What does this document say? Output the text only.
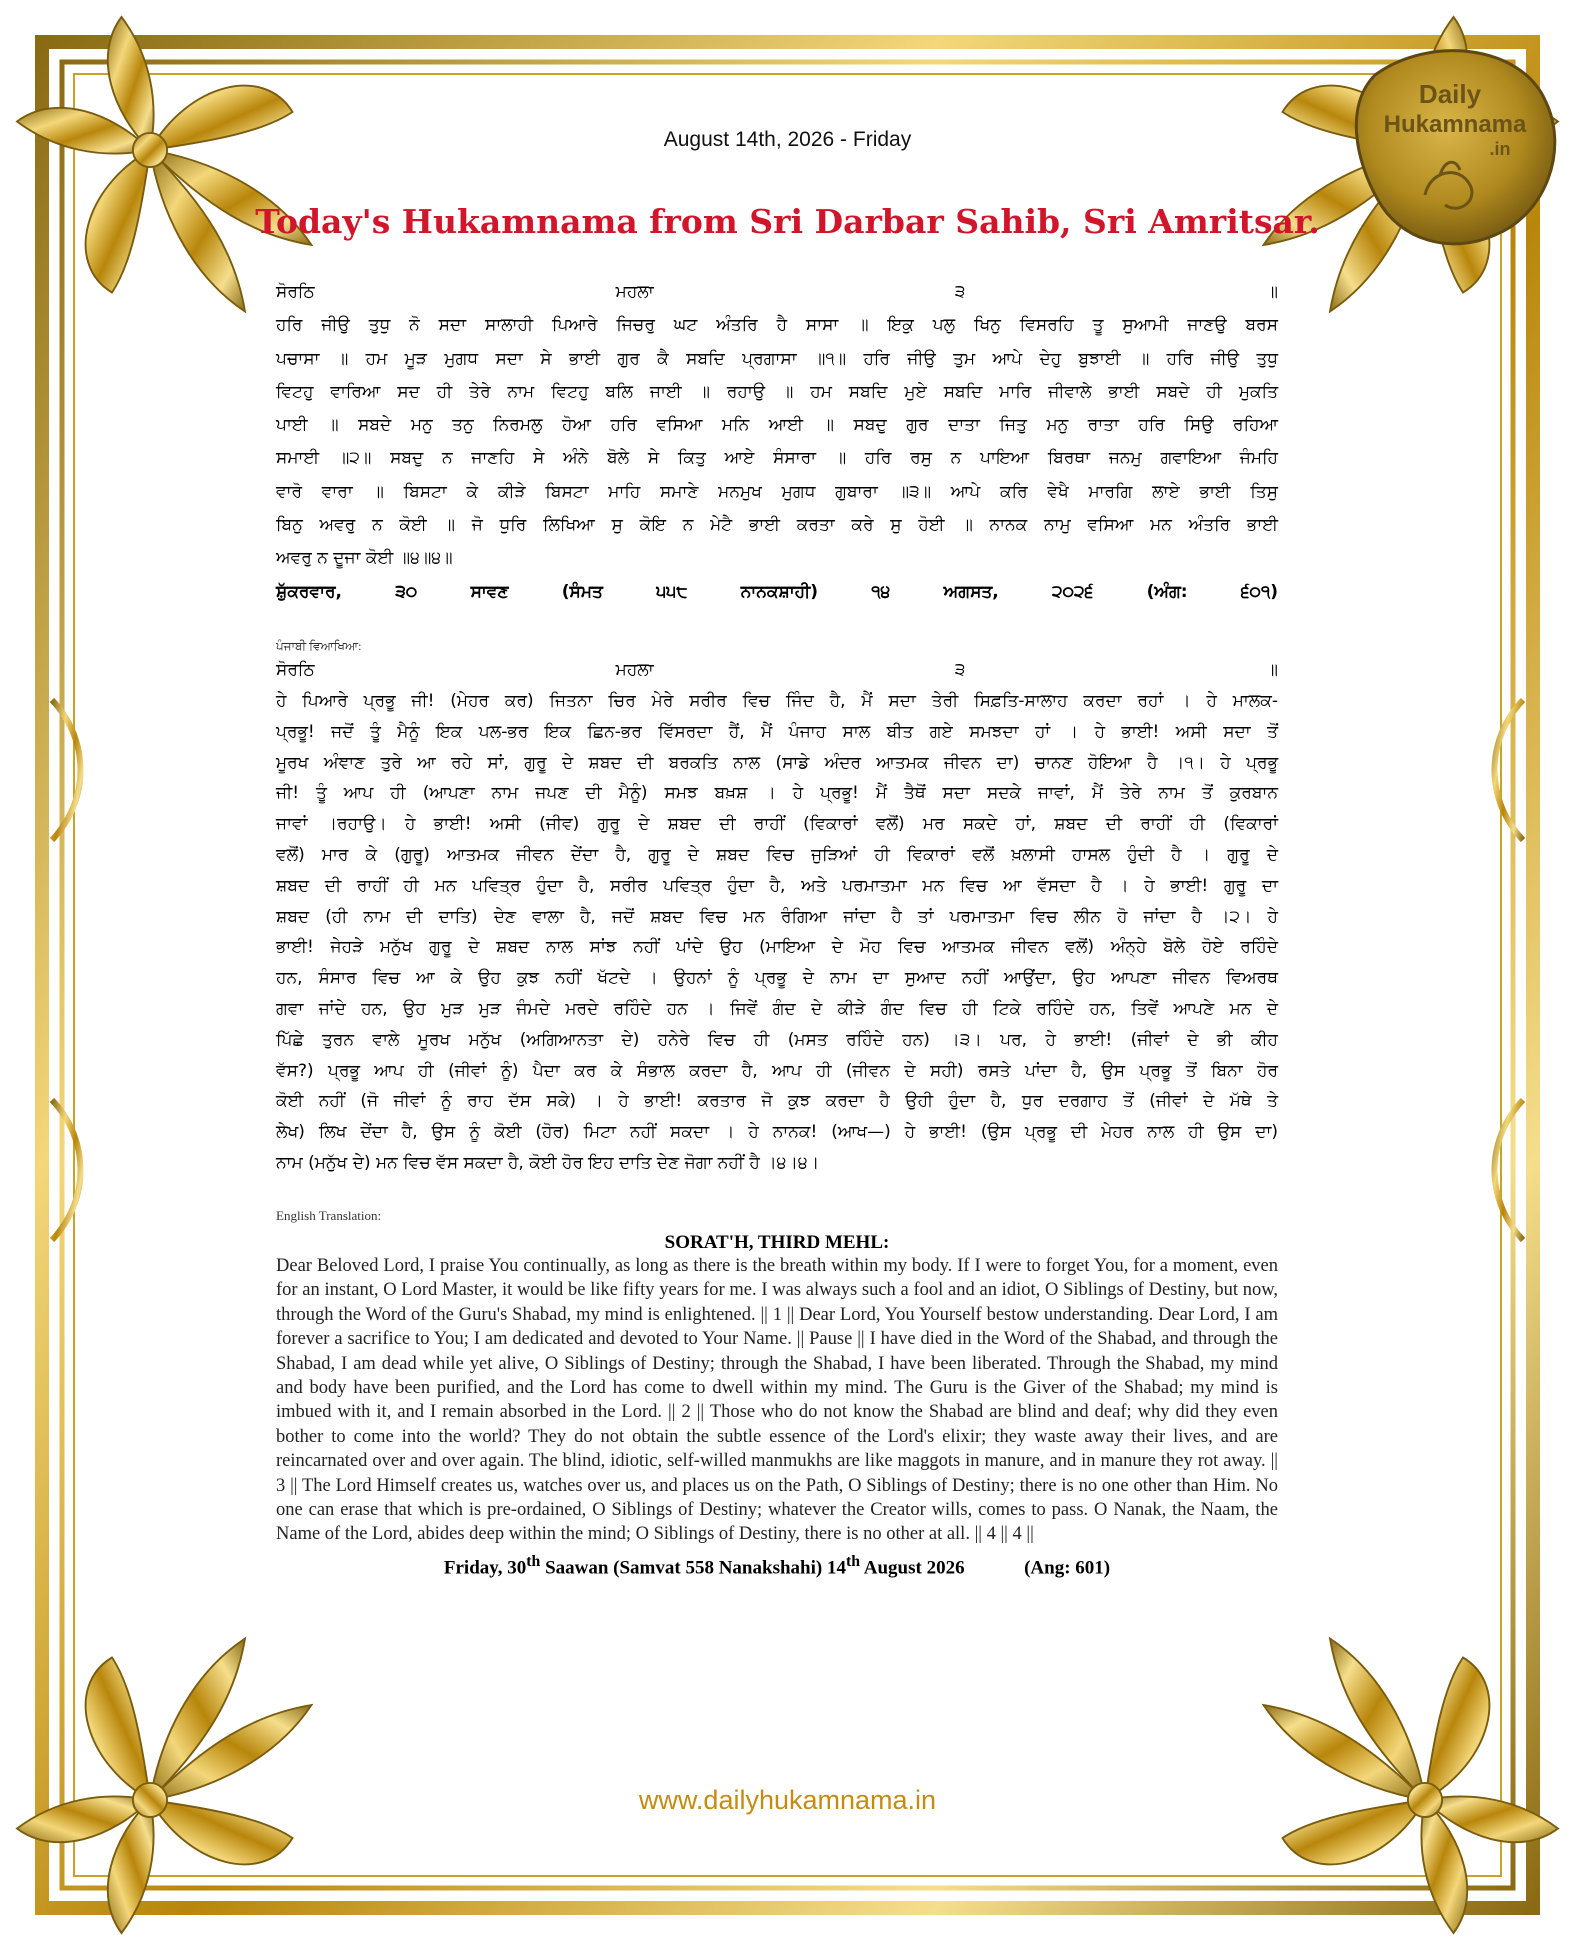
Daily
Hukamnama
.in
August 14th, 2026 - Friday
Today's Hukamnama from Sri Darbar Sahib, Sri Amritsar.
ਸੋਰਠਿ ਮਹਲਾ ੩ ॥
ਹਰਿ ਜੀਉ ਤੁਧੁ ਨੋ ਸਦਾ ਸਾਲਾਹੀ ਪਿਆਰੇ ਜਿਚਰੁ ਘਟ ਅੰਤਰਿ ਹੈ ਸਾਸਾ ॥ ਇਕੁ ਪਲੁ ਖਿਨੁ ਵਿਸਰਹਿ ਤੂ ਸੁਆਮੀ ਜਾਣਉ ਬਰਸ
ਪਚਾਸਾ ॥ ਹਮ ਮੂੜ ਮੁਗਧ ਸਦਾ ਸੇ ਭਾਈ ਗੁਰ ਕੈ ਸਬਦਿ ਪ੍ਰਗਾਸਾ ॥੧॥ ਹਰਿ ਜੀਉ ਤੁਮ ਆਪੇ ਦੇਹੁ ਬੁਝਾਈ ॥ ਹਰਿ ਜੀਉ ਤੁਧੁ
ਵਿਟਹੁ ਵਾਰਿਆ ਸਦ ਹੀ ਤੇਰੇ ਨਾਮ ਵਿਟਹੁ ਬਲਿ ਜਾਈ ॥ ਰਹਾਉ ॥ ਹਮ ਸਬਦਿ ਮੁਏ ਸਬਦਿ ਮਾਰਿ ਜੀਵਾਲੇ ਭਾਈ ਸਬਦੇ ਹੀ ਮੁਕਤਿ
ਪਾਈ ॥ ਸਬਦੇ ਮਨੁ ਤਨੁ ਨਿਰਮਲੁ ਹੋਆ ਹਰਿ ਵਸਿਆ ਮਨਿ ਆਈ ॥ ਸਬਦੁ ਗੁਰ ਦਾਤਾ ਜਿਤੁ ਮਨੁ ਰਾਤਾ ਹਰਿ ਸਿਉ ਰਹਿਆ
ਸਮਾਈ ॥੨॥ ਸਬਦੁ ਨ ਜਾਣਹਿ ਸੇ ਅੰਨੇ ਬੋਲੇ ਸੇ ਕਿਤੁ ਆਏ ਸੰਸਾਰਾ ॥ ਹਰਿ ਰਸੁ ਨ ਪਾਇਆ ਬਿਰਥਾ ਜਨਮੁ ਗਵਾਇਆ ਜੰਮਹਿ
ਵਾਰੋ ਵਾਰਾ ॥ ਬਿਸਟਾ ਕੇ ਕੀੜੇ ਬਿਸਟਾ ਮਾਹਿ ਸਮਾਣੇ ਮਨਮੁਖ ਮੁਗਧ ਗੁਬਾਰਾ ॥੩॥ ਆਪੇ ਕਰਿ ਵੇਖੈ ਮਾਰਗਿ ਲਾਏ ਭਾਈ ਤਿਸੁ
ਬਿਨੁ ਅਵਰੁ ਨ ਕੋਈ ॥ ਜੋ ਧੁਰਿ ਲਿਖਿਆ ਸੁ ਕੋਇ ਨ ਮੇਟੈ ਭਾਈ ਕਰਤਾ ਕਰੇ ਸੁ ਹੋਈ ॥ ਨਾਨਕ ਨਾਮੁ ਵਸਿਆ ਮਨ ਅੰਤਰਿ ਭਾਈ
ਅਵਰੁ ਨ ਦੂਜਾ ਕੋਈ ॥੪॥੪॥
ਸ਼ੁੱਕਰਵਾਰ, ੩੦ ਸਾਵਣ (ਸੰਮਤ ੫੫੮ ਨਾਨਕਸ਼ਾਹੀ) ੧੪ ਅਗਸਤ, ੨੦੨੬ (ਅੰਗ: ੬੦੧)
ਪੰਜਾਬੀ ਵਿਆਖਿਆ:
ਸੋਰਠਿ ਮਹਲਾ ੩ ॥
ਹੇ ਪਿਆਰੇ ਪ੍ਰਭੂ ਜੀ! (ਮੇਹਰ ਕਰ) ਜਿਤਨਾ ਚਿਰ ਮੇਰੇ ਸਰੀਰ ਵਿਚ ਜਿੰਦ ਹੈ, ਮੈਂ ਸਦਾ ਤੇਰੀ ਸਿਫ਼ਤਿ-ਸਾਲਾਹ ਕਰਦਾ ਰਹਾਂ । ਹੇ ਮਾਲਕ-
ਪ੍ਰਭੂ! ਜਦੋਂ ਤੂੰ ਮੈਨੂੰ ਇਕ ਪਲ-ਭਰ ਇਕ ਛਿਨ-ਭਰ ਵਿੱਸਰਦਾ ਹੈਂ, ਮੈਂ ਪੰਜਾਹ ਸਾਲ ਬੀਤ ਗਏ ਸਮਝਦਾ ਹਾਂ । ਹੇ ਭਾਈ! ਅਸੀ ਸਦਾ ਤੋਂ
ਮੂਰਖ ਅੰਞਾਣ ਤੁਰੇ ਆ ਰਹੇ ਸਾਂ, ਗੁਰੂ ਦੇ ਸ਼ਬਦ ਦੀ ਬਰਕਤਿ ਨਾਲ (ਸਾਡੇ ਅੰਦਰ ਆਤਮਕ ਜੀਵਨ ਦਾ) ਚਾਨਣ ਹੋਇਆ ਹੈ ।੧। ਹੇ ਪ੍ਰਭੂ
ਜੀ! ਤੂੰ ਆਪ ਹੀ (ਆਪਣਾ ਨਾਮ ਜਪਣ ਦੀ ਮੈਨੂੰ) ਸਮਝ ਬਖ਼ਸ਼ । ਹੇ ਪ੍ਰਭੂ! ਮੈਂ ਤੈਥੋਂ ਸਦਾ ਸਦਕੇ ਜਾਵਾਂ, ਮੈਂ ਤੇਰੇ ਨਾਮ ਤੋਂ ਕੁਰਬਾਨ
ਜਾਵਾਂ ।ਰਹਾਉ। ਹੇ ਭਾਈ! ਅਸੀ (ਜੀਵ) ਗੁਰੂ ਦੇ ਸ਼ਬਦ ਦੀ ਰਾਹੀਂ (ਵਿਕਾਰਾਂ ਵਲੋਂ) ਮਰ ਸਕਦੇ ਹਾਂ, ਸ਼ਬਦ ਦੀ ਰਾਹੀਂ ਹੀ (ਵਿਕਾਰਾਂ
ਵਲੋਂ) ਮਾਰ ਕੇ (ਗੁਰੂ) ਆਤਮਕ ਜੀਵਨ ਦੇਂਦਾ ਹੈ, ਗੁਰੂ ਦੇ ਸ਼ਬਦ ਵਿਚ ਜੁੜਿਆਂ ਹੀ ਵਿਕਾਰਾਂ ਵਲੋਂ ਖ਼ਲਾਸੀ ਹਾਸਲ ਹੁੰਦੀ ਹੈ । ਗੁਰੂ ਦੇ
ਸ਼ਬਦ ਦੀ ਰਾਹੀਂ ਹੀ ਮਨ ਪਵਿਤ੍ਰ ਹੁੰਦਾ ਹੈ, ਸਰੀਰ ਪਵਿਤ੍ਰ ਹੁੰਦਾ ਹੈ, ਅਤੇ ਪਰਮਾਤਮਾ ਮਨ ਵਿਚ ਆ ਵੱਸਦਾ ਹੈ । ਹੇ ਭਾਈ! ਗੁਰੂ ਦਾ
ਸ਼ਬਦ (ਹੀ ਨਾਮ ਦੀ ਦਾਤਿ) ਦੇਣ ਵਾਲਾ ਹੈ, ਜਦੋਂ ਸ਼ਬਦ ਵਿਚ ਮਨ ਰੰਗਿਆ ਜਾਂਦਾ ਹੈ ਤਾਂ ਪਰਮਾਤਮਾ ਵਿਚ ਲੀਨ ਹੋ ਜਾਂਦਾ ਹੈ ।੨। ਹੇ
ਭਾਈ! ਜੇਹੜੇ ਮਨੁੱਖ ਗੁਰੂ ਦੇ ਸ਼ਬਦ ਨਾਲ ਸਾਂਝ ਨਹੀਂ ਪਾਂਦੇ ਉਹ (ਮਾਇਆ ਦੇ ਮੋਹ ਵਿਚ ਆਤਮਕ ਜੀਵਨ ਵਲੋਂ) ਅੰਨ੍ਹੇ ਬੋਲੇ ਹੋਏ ਰਹਿੰਦੇ
ਹਨ, ਸੰਸਾਰ ਵਿਚ ਆ ਕੇ ਉਹ ਕੁਝ ਨਹੀਂ ਖੱਟਦੇ । ਉਹਨਾਂ ਨੂੰ ਪ੍ਰਭੂ ਦੇ ਨਾਮ ਦਾ ਸੁਆਦ ਨਹੀਂ ਆਉਂਦਾ, ਉਹ ਆਪਣਾ ਜੀਵਨ ਵਿਅਰਥ
ਗਵਾ ਜਾਂਦੇ ਹਨ, ਉਹ ਮੁੜ ਮੁੜ ਜੰਮਦੇ ਮਰਦੇ ਰਹਿੰਦੇ ਹਨ । ਜਿਵੇਂ ਗੰਦ ਦੇ ਕੀੜੇ ਗੰਦ ਵਿਚ ਹੀ ਟਿਕੇ ਰਹਿੰਦੇ ਹਨ, ਤਿਵੇਂ ਆਪਣੇ ਮਨ ਦੇ
ਪਿੱਛੇ ਤੁਰਨ ਵਾਲੇ ਮੂਰਖ ਮਨੁੱਖ (ਅਗਿਆਨਤਾ ਦੇ) ਹਨੇਰੇ ਵਿਚ ਹੀ (ਮਸਤ ਰਹਿੰਦੇ ਹਨ) ।੩। ਪਰ, ਹੇ ਭਾਈ! (ਜੀਵਾਂ ਦੇ ਭੀ ਕੀਹ
ਵੱਸ?) ਪ੍ਰਭੂ ਆਪ ਹੀ (ਜੀਵਾਂ ਨੂੰ) ਪੈਦਾ ਕਰ ਕੇ ਸੰਭਾਲ ਕਰਦਾ ਹੈ, ਆਪ ਹੀ (ਜੀਵਨ ਦੇ ਸਹੀ) ਰਸਤੇ ਪਾਂਦਾ ਹੈ, ਉਸ ਪ੍ਰਭੂ ਤੋਂ ਬਿਨਾ ਹੋਰ
ਕੋਈ ਨਹੀਂ (ਜੋ ਜੀਵਾਂ ਨੂੰ ਰਾਹ ਦੱਸ ਸਕੇ) । ਹੇ ਭਾਈ! ਕਰਤਾਰ ਜੋ ਕੁਝ ਕਰਦਾ ਹੈ ਉਹੀ ਹੁੰਦਾ ਹੈ, ਧੁਰ ਦਰਗਾਹ ਤੋਂ (ਜੀਵਾਂ ਦੇ ਮੱਥੇ ਤੇ
ਲੇਖ) ਲਿਖ ਦੇਂਦਾ ਹੈ, ਉਸ ਨੂੰ ਕੋਈ (ਹੋਰ) ਮਿਟਾ ਨਹੀਂ ਸਕਦਾ । ਹੇ ਨਾਨਕ! (ਆਖ—) ਹੇ ਭਾਈ! (ਉਸ ਪ੍ਰਭੂ ਦੀ ਮੇਹਰ ਨਾਲ ਹੀ ਉਸ ਦਾ)
ਨਾਮ (ਮਨੁੱਖ ਦੇ) ਮਨ ਵਿਚ ਵੱਸ ਸਕਦਾ ਹੈ, ਕੋਈ ਹੋਰ ਇਹ ਦਾਤਿ ਦੇਣ ਜੋਗਾ ਨਹੀਂ ਹੈ ।੪।੪।
English Translation:
SORAT'H, THIRD MEHL:

Dear Beloved Lord, I praise You continually, as long as there is the breath within my body. If I were to forget You, for a moment, even for an instant, O Lord Master, it would be like fifty years for me. I was always such a fool and an idiot, O Siblings of Destiny, but now, through the Word of the Guru's Shabad, my mind is enlightened. || 1 || Dear Lord, You Yourself bestow understanding. Dear Lord, I am forever a sacrifice to You; I am dedicated and devoted to Your Name. || Pause || I have died in the Word of the Shabad, and through the Shabad, I am dead while yet alive, O Siblings of Destiny; through the Shabad, I have been liberated. Through the Shabad, my mind and body have been purified, and the Lord has come to dwell within my mind. The Guru is the Giver of the Shabad; my mind is imbued with it, and I remain absorbed in the Lord. || 2 || Those who do not know the Shabad are blind and deaf; why did they even bother to come into the world? They do not obtain the subtle essence of the Lord's elixir; they waste away their lives, and are reincarnated over and over again. The blind, idiotic, self-willed manmukhs are like maggots in manure, and in manure they rot away. || 3 || The Lord Himself creates us, watches over us, and places us on the Path, O Siblings of Destiny; there is no one other than Him. No one can erase that which is pre-ordained, O Siblings of Destiny; whatever the Creator wills, comes to pass. O Nanak, the Naam, the Name of the Lord, abides deep within the mind; O Siblings of Destiny, there is no other at all. || 4 || 4 ||

Friday, 30th Saawan (Samvat 558 Nanakshahi) 14th August 2026	(Ang: 601)
www.dailyhukamnama.in
